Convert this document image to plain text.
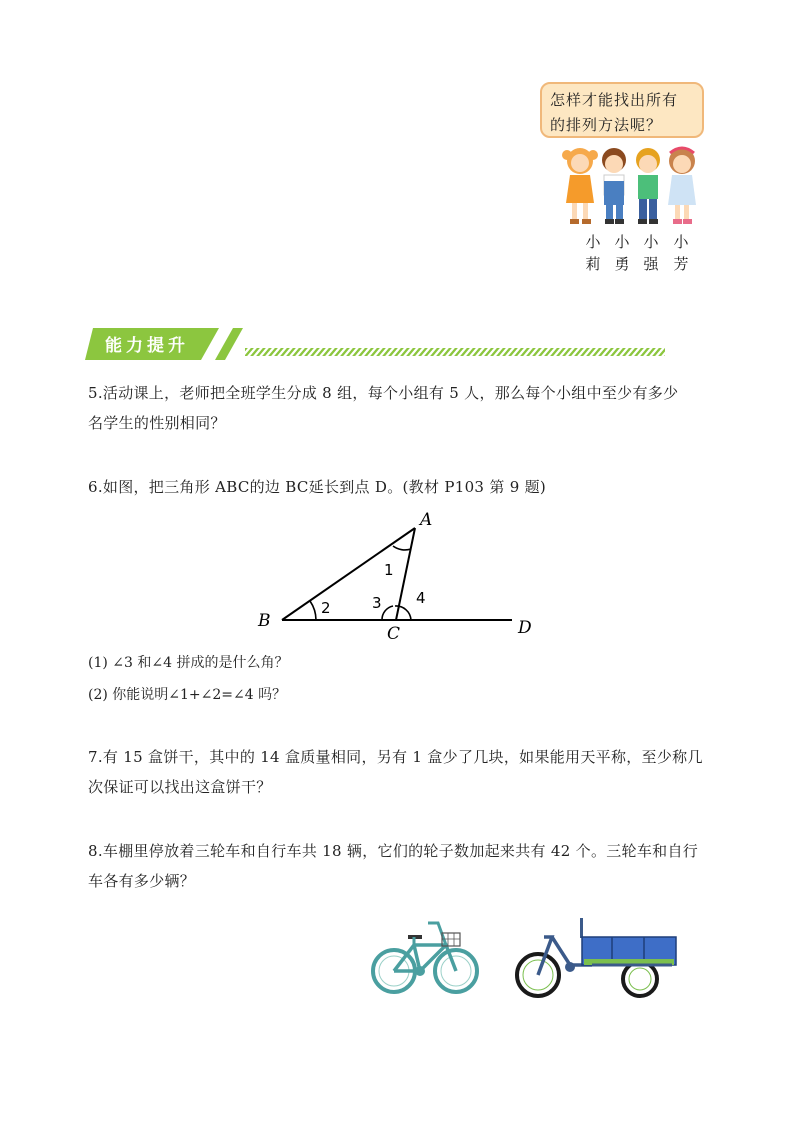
怎样才能找出所有
的排列方法呢？
小
莉
小
勇
小
强
小
芳
能力提升
5.活动课上，老师把全班学生分成 8 组，每个小组有 5 人，那么每个小组中至少有多少
名学生的性别相同？
6.如图，把三角形 ABC的边 BC延长到点 D。(教材 P103 第 9 题)
A
B
C	D
1
2	3 4
(1) ∠3 和∠4 拼成的是什么角？
(2) 你能说明∠1+∠2=∠4 吗？
7.有 15 盒饼干，其中的 14 盒质量相同，另有 1 盒少了几块，如果能用天平称，至少称几
次保证可以找出这盒饼干？
8.车棚里停放着三轮车和自行车共 18 辆，它们的轮子数加起来共有 42 个。三轮车和自行
车各有多少辆？
